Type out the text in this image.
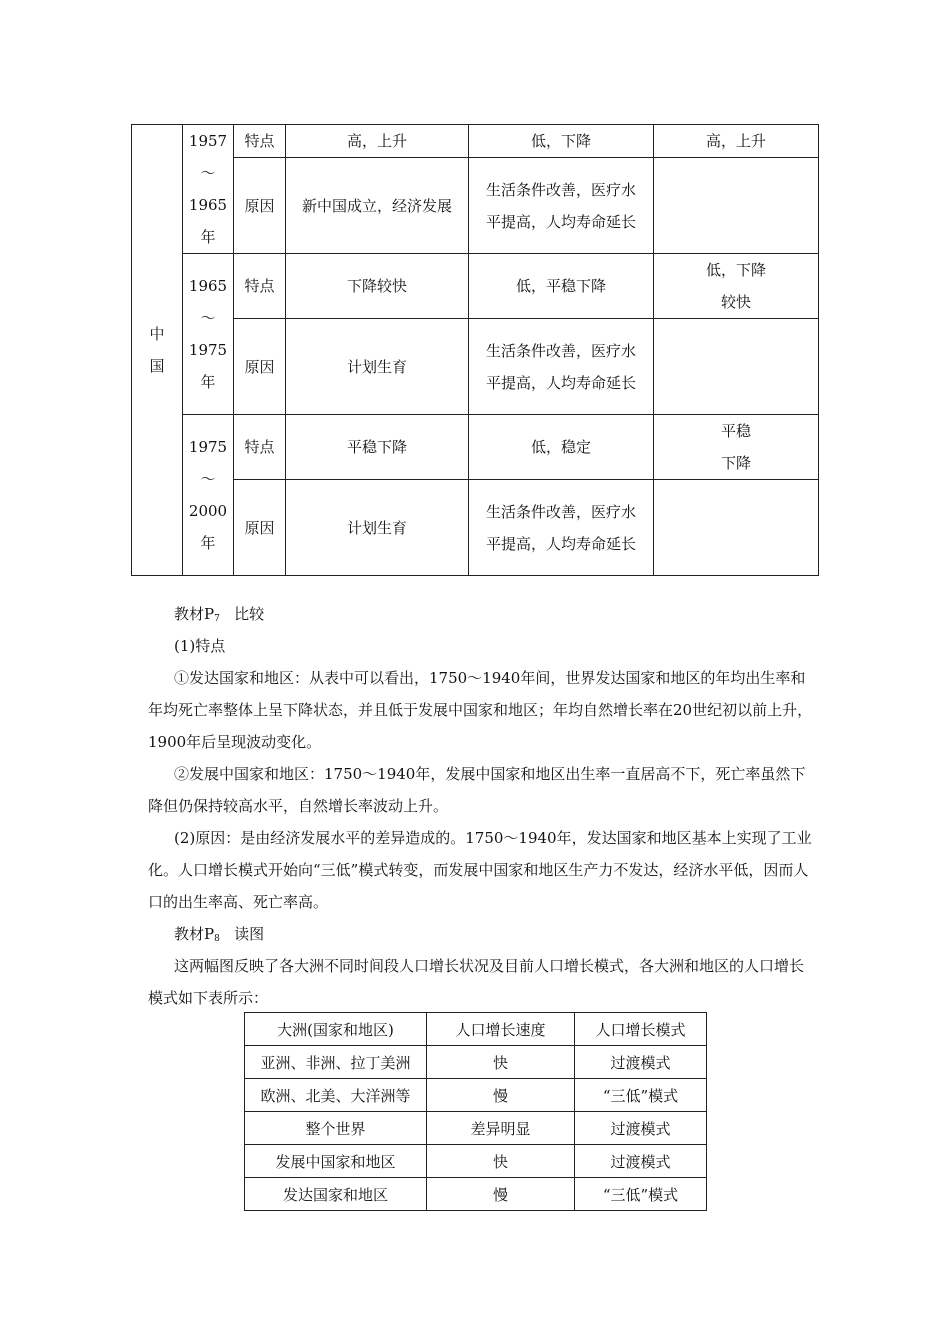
中国	1957
～
1965
年	特点	高，上升	低，下降	高，上升
		原因	新中国成立，经济发展	生活条件改善，医疗水平提高，人均寿命延长	

	1965
～
1975
年	特点	下降较快	低，平稳下降	低，下降较快
		原因	计划生育	生活条件改善，医疗水平提高，人均寿命延长	

	1975
～
2000
年	特点	平稳下降	低，稳定	平稳下降
		原因	计划生育	生活条件改善，医疗水平提高，人均寿命延长	

教材$P_7$ 比较

(1)特点

①发达国家和地区：从表中可以看出，1750～1940年间，世界发达国家和地区的年均出生率和年均死亡率整体上呈下降状态，并且低于发展中国家和地区；年均自然增长率在20世纪初以前上升，1900年后呈现波动变化。

②发展中国家和地区：1750～1940年，发展中国家和地区出生率一直居高不下，死亡率虽然下降但仍保持较高水平，自然增长率波动上升。

(2)原因：是由经济发展水平的差异造成的。1750～1940年，发达国家和地区基本上实现了工业化。人口增长模式开始向“三低”模式转变，而发展中国家和地区生产力不发达，经济水平低，因而人口的出生率高、死亡率高。

教材$P_8$ 读图

这两幅图反映了各大洲不同时间段人口增长状况及目前人口增长模式，各大洲和地区的人口增长模式如下表所示：

大洲(国家和地区)	人口增长速度	人口增长模式
亚洲、非洲、拉丁美洲	快	过渡模式
欧洲、北美、大洋洲等	慢	“三低”模式
整个世界	差异明显	过渡模式
发展中国家和地区	快	过渡模式
发达国家和地区	慢	“三低”模式
